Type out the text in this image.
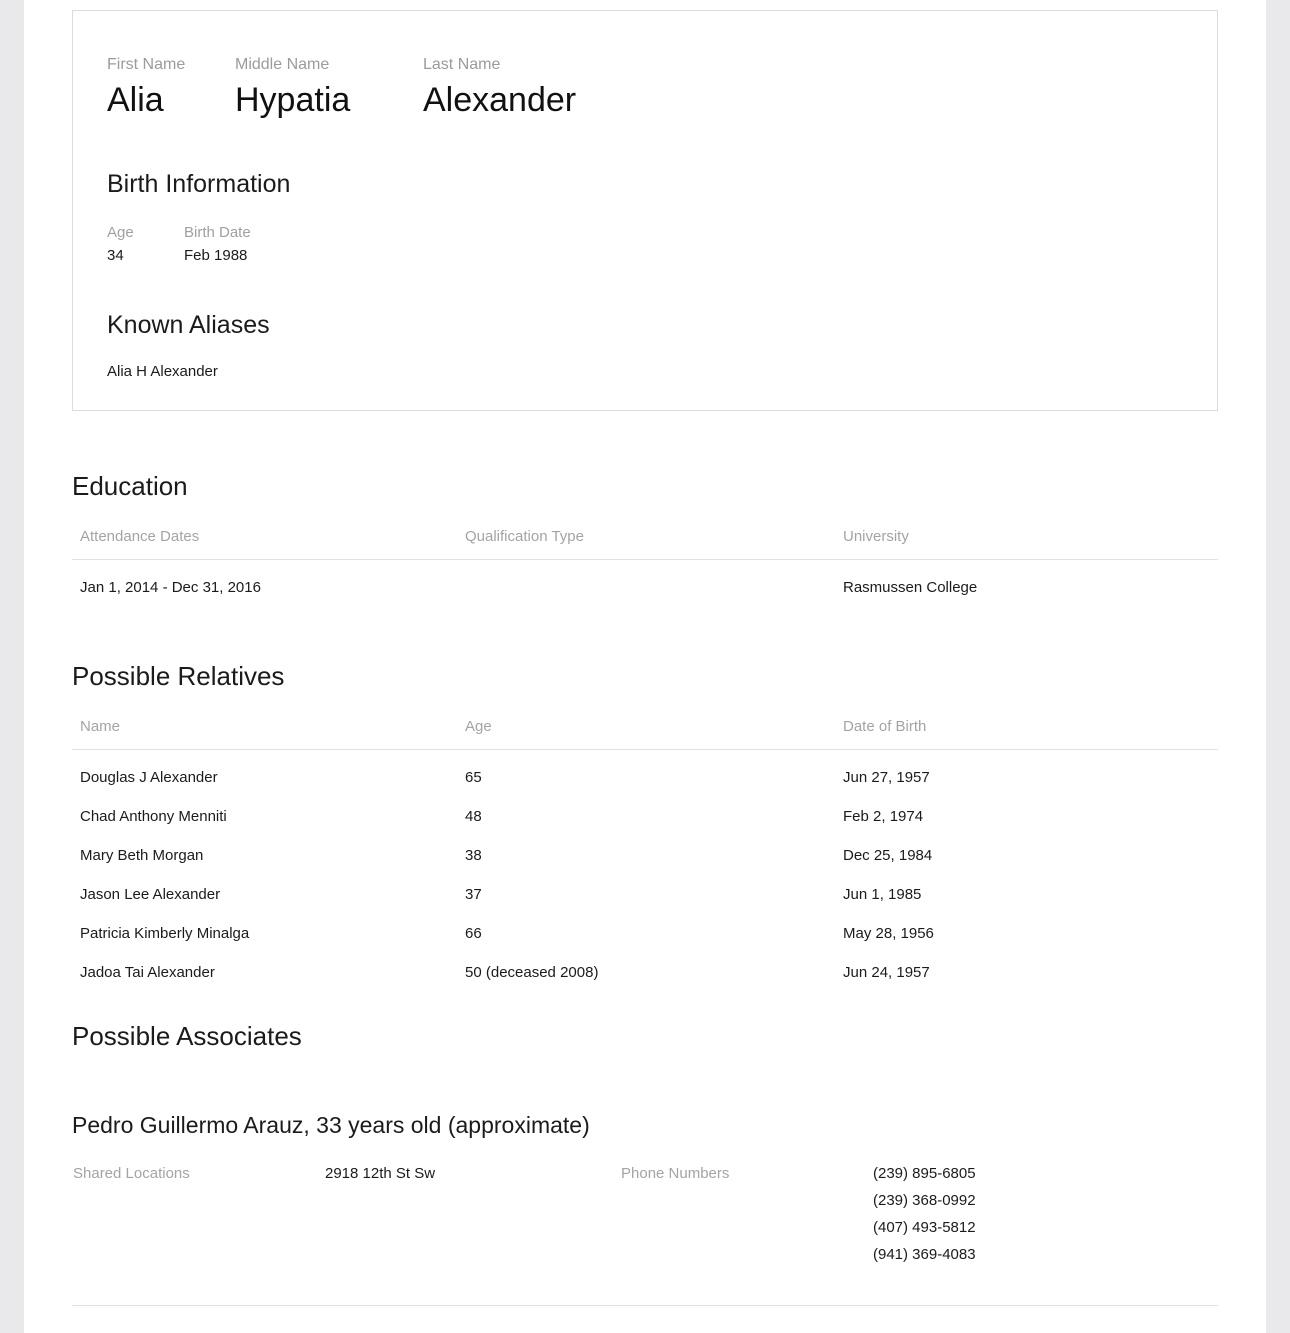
First Name
Alia
Middle Name
Hypatia
Last Name
Alexander
Birth Information
Age
34
Birth Date
Feb 1988
Known Aliases
Alia H Alexander
Education
Attendance Dates	Qualification Type	University
Jan 1, 2014 - Dec 31, 2016		Rasmussen College
Possible Relatives
Name	Age	Date of Birth
Douglas J Alexander	65	Jun 27, 1957
Chad Anthony Menniti	48	Feb 2, 1974
Mary Beth Morgan	38	Dec 25, 1984
Jason Lee Alexander	37	Jun 1, 1985
Patricia Kimberly Minalga	66	May 28, 1956
Jadoa Tai Alexander	50 (deceased 2008)	Jun 24, 1957
Possible Associates
Pedro Guillermo Arauz, 33 years old (approximate)
Shared Locations	2918 12th St Sw	Phone Numbers	(239) 895-6805
(239) 368-0992
(407) 493-5812
(941) 369-4083
